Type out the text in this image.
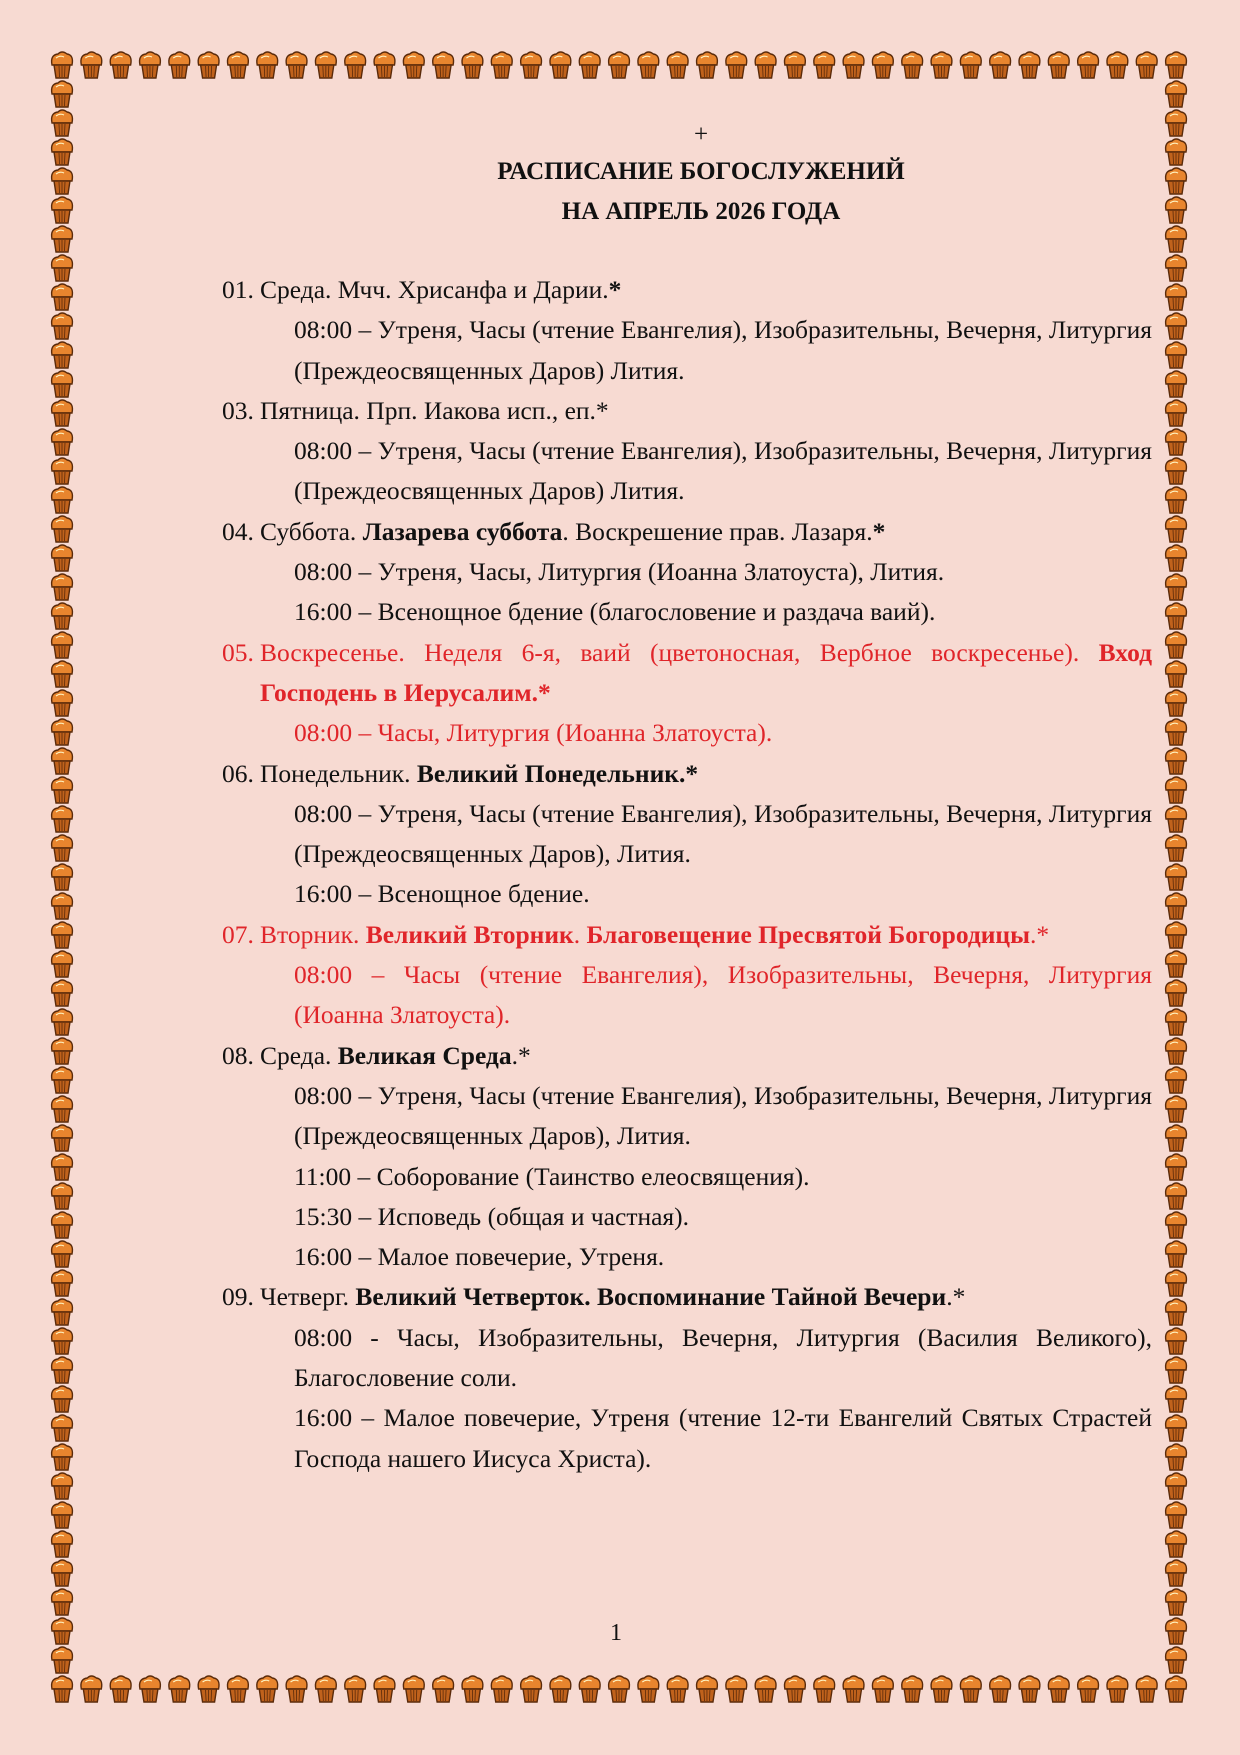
+
РАСПИСАНИЕ БОГОСЛУЖЕНИЙ
НА АПРЕЛЬ 2026 ГОДА
01. Среда. Мчч. Хрисанфа и Дарии.*
08:00 – Утреня, Часы (чтение Евангелия), Изобразительны, Вечерня, Литургия (Преждеосвященных Даров) Лития.
03. Пятница. Прп. Иакова исп., еп.*
08:00 – Утреня, Часы (чтение Евангелия), Изобразительны, Вечерня, Литургия (Преждеосвященных Даров) Лития.
04. Суббота. Лазарева суббота. Воскрешение прав. Лазаря.*
08:00 – Утреня, Часы, Литургия (Иоанна Златоуста), Лития.
16:00 – Всенощное бдение (благословение и раздача ваий).
05. Воскресенье. Неделя 6-я, ваий (цветоносная, Вербное воскресенье). Вход Господень в Иерусалим.*
08:00 – Часы, Литургия (Иоанна Златоуста).
06. Понедельник. Великий Понедельник.*
08:00 – Утреня, Часы (чтение Евангелия), Изобразительны, Вечерня, Литургия (Преждеосвященных Даров), Лития.
16:00 – Всенощное бдение.
07. Вторник. Великий Вторник. Благовещение Пресвятой Богородицы.*
08:00 – Часы (чтение Евангелия), Изобразительны, Вечерня, Литургия (Иоанна Златоуста).
08. Среда. Великая Среда.*
08:00 – Утреня, Часы (чтение Евангелия), Изобразительны, Вечерня, Литургия (Преждеосвященных Даров), Лития.
11:00 – Соборование (Таинство елеосвящения).
15:30 – Исповедь (общая и частная).
16:00 – Малое повечерие, Утреня.
09. Четверг. Великий Четверток. Воспоминание Тайной Вечери.*
08:00 - Часы, Изобразительны, Вечерня, Литургия (Василия Великого), Благословение соли.
16:00 – Малое повечерие, Утреня (чтение 12-ти Евангелий Святых Страстей Господа нашего Иисуса Христа).
1
